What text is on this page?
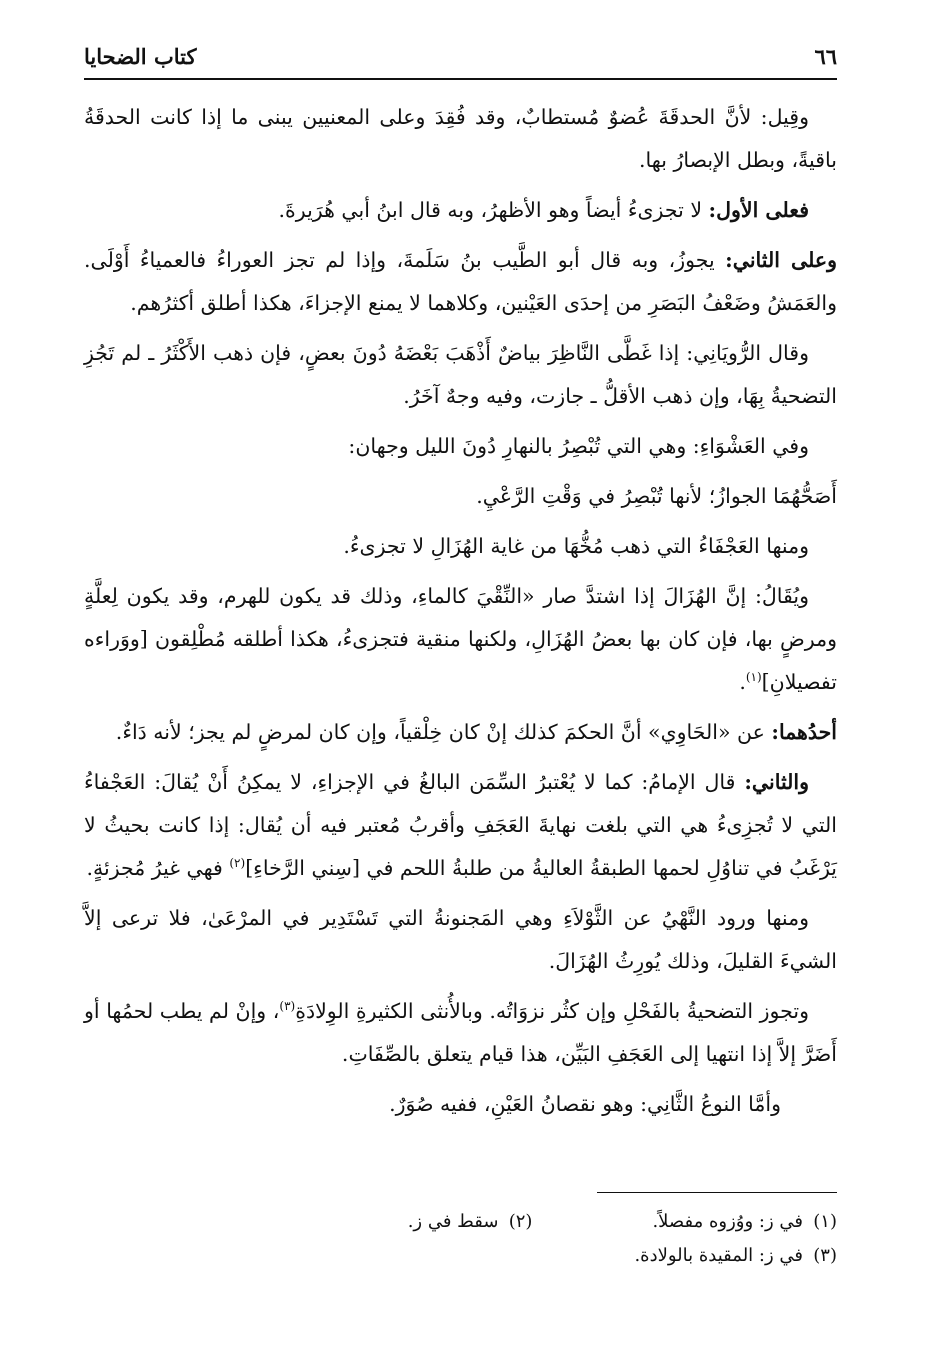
٦٦
كتاب الضحايا

وقِيل: لأنَّ الحدقَةَ عُضوٌ مُستطابٌ، وقد فُقِدَ وعلى المعنيين يبنى ما إذا كانت الحدقَةُ باقيةً، وبطل الإبصارُ بها.

فعلى الأول: لا تجزىءُ أيضاً وهو الأظهرُ، وبه قال ابنُ أبي هُرَيرةَ.

وعلى الثاني: يجوزُ، وبه قال أبو الطَّيب بنُ سَلَمةَ، وإذا لم تجز العوراءُ فالعمياءُ أَوْلَى. والعَمَشُ وضَعْفُ البَصَرِ من إحدَى العَيْنين، وكلاهما لا يمنع الإجزاءَ، هكذا أطلق أكثرُهم.

وقال الرُّويَانِي: إذا غَطَّى النَّاظِرَ بياضٌ أَذْهَبَ بَعْضَهُ دُونَ بعضٍ، فإن ذهب الأَكْثَرُ ـ لم تَجُزِ التضحيةُ بِهَا، وإن ذهب الأقلُّ ـ جازت، وفيه وجهٌ آخَرُ.

وفي العَشْوَاءِ: وهي التي تُبْصِرُ بالنهارِ دُونَ الليل وجهان:

أَصَحُّهُمَا الجوازُ؛ لأنها تُبْصِرُ في وَقْتِ الرَّعْيِ.

ومنها العَجْفَاءُ التي ذهب مُخُّهَا من غاية الهُزَالِ لا تجزىءُ.

ويُقَالُ: إنَّ الهُزَالَ إذا اشتدَّ صار «النِّقْيَ كالماءِ، وذلك قد يكون للهرم، وقد يكون لِعلَّةٍ ومرضٍ بها، فإن كان بها بعضُ الهُزَالِ، ولكنها منقية فتجزىءُ، هكذا أطلقه مُطْلِقون [ووَراءه تفصيلانِ]$^{(١)}$.

أحدُهما: عن «الحَاوِي» أنَّ الحكمَ كذلك إنْ كان خِلْقياً، وإن كان لمرضٍ لم يجز؛ لأنه دَاءٌ.

والثاني: قال الإمامُ: كما لا يُعْتبرُ السِّمَن البالغُ في الإجزاءِ، لا يمكِنُ أَنْ يُقالَ: العَجْفاءُ التي لا تُجزِىءُ هي التي بلغت نهايةَ العَجَفِ وأقربُ مُعتبر فيه أن يُقال: إذا كانت بحيثُ لا يَرْغَبُ في تناوُلِ لحمها الطبقةُ العاليةُ من طلبةُ اللحم في [سِني الرَّخاءِ]$^{(٢)}$ فهي غيرُ مُجزئةٍ.

ومنها ورود النَّهْيُ عن الثَّوْلاَءِ وهي المَجنونةُ التي تَسْتَدِير في المرْعَىٰ، فلا ترعى إلاَّ الشيءَ القليلَ، وذلك يُورِثُ الهُزَالَ.

وتجوز التضحيةُ بالفَحْلِ وإن كثُر نزوَاتُه. وبالأُنثى الكثيرةِ الوِلادَةِ$^{(٣)}$، وإنْ لم يطب لحمُها أو أَضَرَّ إلاَّ إذا انتهيا إلى العَجَفِ البَيِّن، هذا قيام يتعلق بالصِّفَاتِ.

وأمَّا النوعُ الثَّانِي: وهو نقصانُ العَيْنِ، ففيه صُوَرٌ.

(١)في ز: ووُزوه مفصلاً.
(٢)سقط في ز.
(٣)في ز: المقيدة بالولادة.
